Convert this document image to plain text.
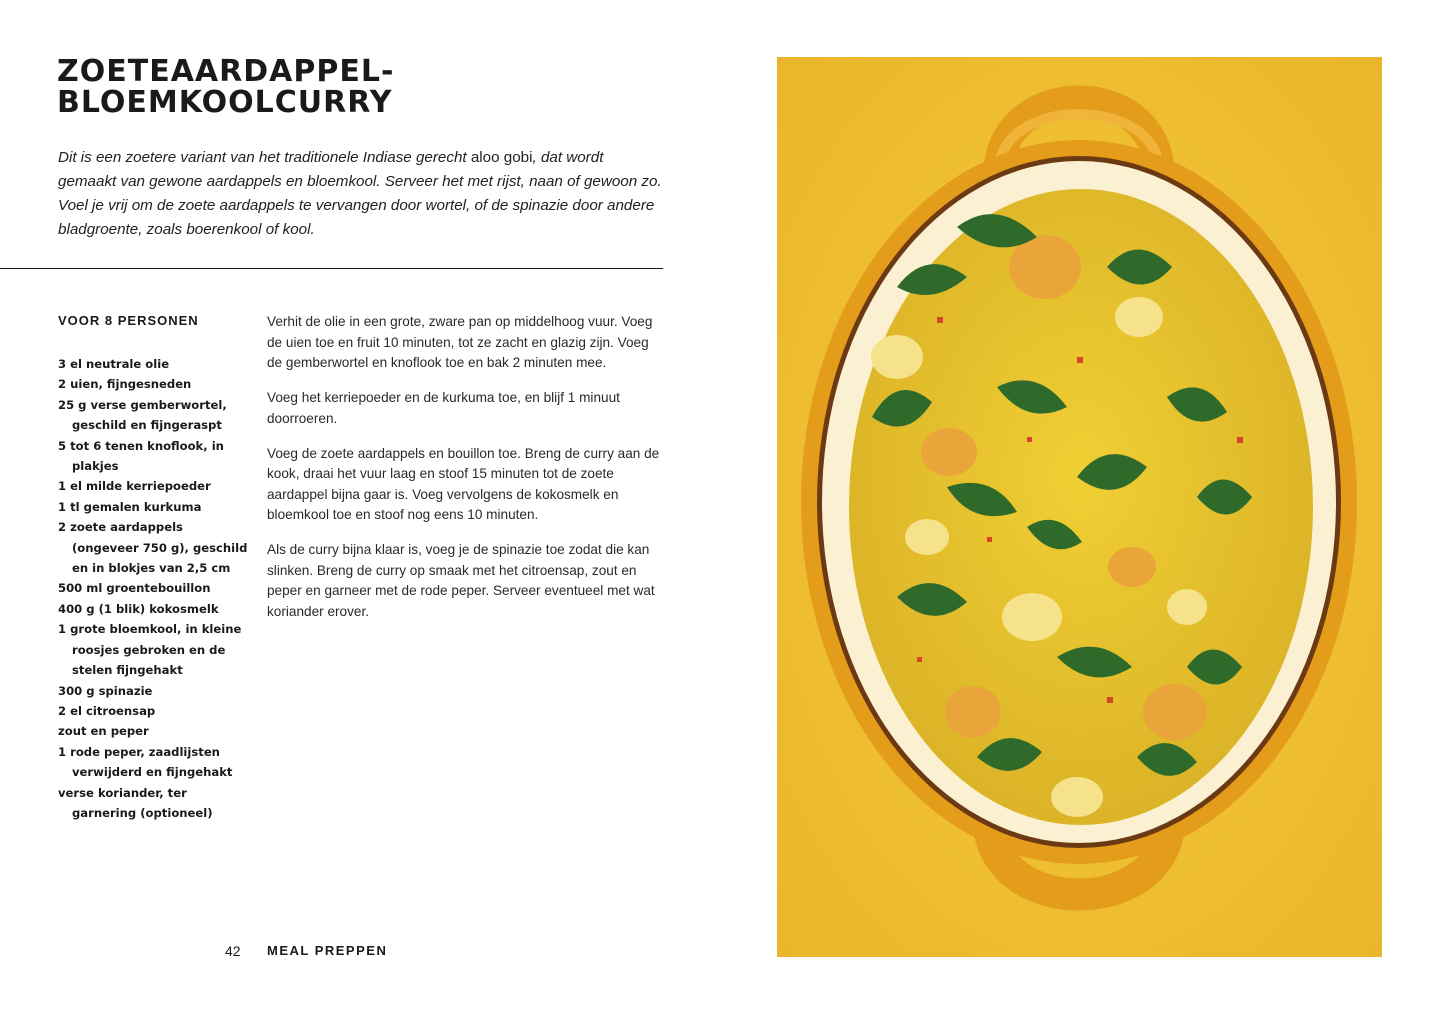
ZOETEAARDAPPEL-
BLOEMKOOLCURRY

Dit is een zoetere variant van het traditionele Indiase gerecht aloo gobi, dat wordt gemaakt van gewone aardappels en bloemkool. Serveer het met rijst, naan of gewoon zo. Voel je vrij om de zoete aardappels te vervangen door wortel, of de spinazie door andere bladgroente, zoals boerenkool of kool.

VOOR 8 PERSONEN
3 el neutrale olie
2 uien, fijngesneden
25 g verse gemberwortel, geschild en fijngeraspt
5 tot 6 tenen knoflook, in plakjes
1 el milde kerriepoeder
1 tl gemalen kurkuma
2 zoete aardappels (ongeveer 750 g), geschild en in blokjes van 2,5 cm
500 ml groentebouillon
400 g (1 blik) kokosmelk
1 grote bloemkool, in kleine roosjes gebroken en de stelen fijngehakt
300 g spinazie
2 el citroensap
zout en peper
1 rode peper, zaadlijsten verwijderd en fijngehakt
verse koriander, ter garnering (optioneel)

Verhit de olie in een grote, zware pan op middelhoog vuur. Voeg de uien toe en fruit 10 minuten, tot ze zacht en glazig zijn. Voeg de gemberwortel en knoflook toe en bak 2 minuten mee.

Voeg het kerriepoeder en de kurkuma toe, en blijf 1 minuut doorroeren.

Voeg de zoete aardappels en bouillon toe. Breng de curry aan de kook, draai het vuur laag en stoof 15 minuten tot de zoete aardappel bijna gaar is. Voeg vervolgens de kokosmelk en bloemkool toe en stoof nog eens 10 minuten.

Als de curry bijna klaar is, voeg je de spinazie toe zodat die kan slinken. Breng de curry op smaak met het citroensap, zout en peper en garneer met de rode peper. Serveer eventueel met wat koriander erover.

42 MEAL PREPPEN
